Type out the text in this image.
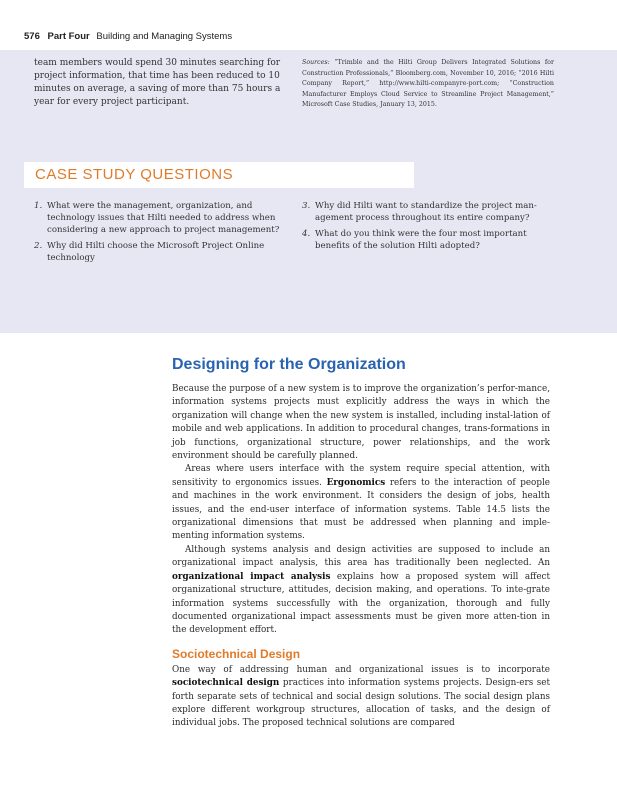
576 Part Four Building and Managing Systems

team members would spend 30 minutes searching for project information, that time has been reduced to 10 minutes on average, a saving of more than 75 hours a year for every project participant.

Sources: “Trimble and the Hilti Group Delivers Integrated Solutions for Construction Professionals,” Bloomberg.com, November 10, 2016; “2016 Hilti Company Report,” http://www.hilti-companyre-port.com; “Construction Manufacturer Employs Cloud Service to Streamline Project Management,” Microsoft Case Studies, January 13, 2015.

CASE STUDY QUESTIONS
1. What were the management, organization, and technology issues that Hilti needed to address when considering a new approach to project management?
2. Why did Hilti choose the Microsoft Project Online technology
3. Why did Hilti want to standardize the project man-agement process throughout its entire company?
4. What do you think were the four most important benefits of the solution Hilti adopted?
Designing for the Organization

Because the purpose of a new system is to improve the organization’s perfor-mance, information systems projects must explicitly address the ways in which the organization will change when the new system is installed, including instal-lation of mobile and web applications. In addition to procedural changes, trans-formations in job functions, organizational structure, power relationships, and the work environment should be carefully planned.

Areas where users interface with the system require special attention, with sensitivity to ergonomics issues. Ergonomics refers to the interaction of people and machines in the work environment. It considers the design of jobs, health issues, and the end-user interface of information systems. Table 14.5 lists the organizational dimensions that must be addressed when planning and imple-menting information systems.

Although systems analysis and design activities are supposed to include an organizational impact analysis, this area has traditionally been neglected. An organizational impact analysis explains how a proposed system will affect organizational structure, attitudes, decision making, and operations. To inte-grate information systems successfully with the organization, thorough and fully documented organizational impact assessments must be given more atten-tion in the development effort.

Sociotechnical Design

One way of addressing human and organizational issues is to incorporate sociotechnical design practices into information systems projects. Design-ers set forth separate sets of technical and social design solutions. The social design plans explore different workgroup structures, allocation of tasks, and the design of individual jobs. The proposed technical solutions are compared
